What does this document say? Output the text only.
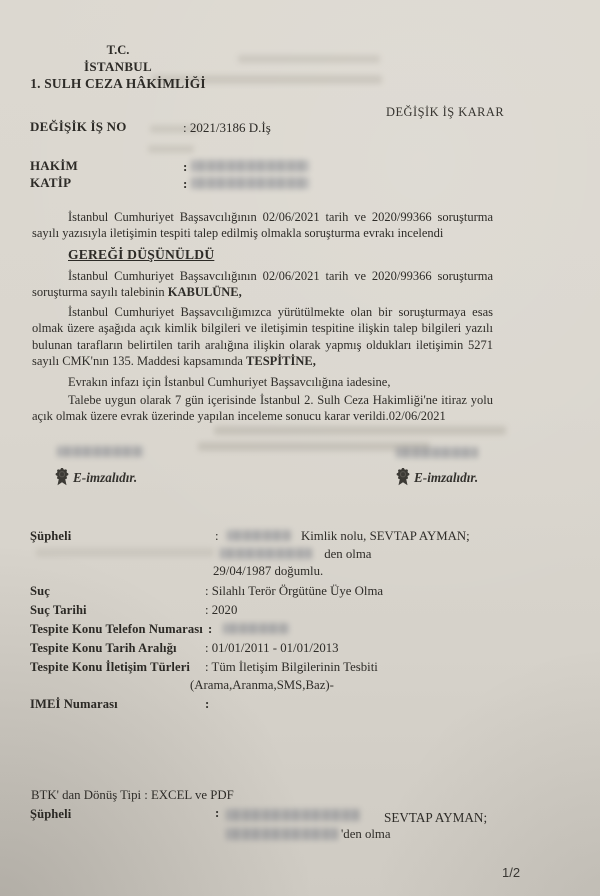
T.C.
İSTANBUL
1. SULH CEZA HÂKİMLİĞİ
DEĞİŞİK İŞ KARAR
DEĞİŞİK İŞ NO	: 2021/3186 D.İş
HAKİM	:
KATİP	:
İstanbul Cumhuriyet Başsavcılığının 02/06/2021 tarih ve 2020/99366 soruşturma
sayılı yazısıyla iletişimin tespiti talep edilmiş olmakla soruşturma evrakı incelendi
GEREĞİ DÜŞÜNÜLDÜ
İstanbul Cumhuriyet Başsavcılığının 02/06/2021 tarih ve 2020/99366 soruşturma
soruşturma sayılı talebinin KABULÜNE,
İstanbul Cumhuriyet Başsavcılığımızca yürütülmekte olan bir soruşturmaya esas
olmak üzere aşağıda açık kimlik bilgileri ve iletişimin tespitine ilişkin talep bilgileri yazılı
bulunan tarafların belirtilen tarih aralığına ilişkin olarak yapmış oldukları iletişimin 5271
sayılı CMK'nın 135. Maddesi kapsamında TESPİTİNE,
Evrakın infazı için İstanbul Cumhuriyet Başsavcılığına iadesine,
Talebe uygun olarak 7 gün içerisinde İstanbul 2. Sulh Ceza Hakimliği'ne itiraz yolu
açık olmak üzere evrak üzerinde yapılan inceleme sonucu karar verildi.02/06/2021
E-imzalıdır.	E-imzalıdır.
Şüpheli	:	Kimlik nolu, SEVTAP AYMAN;
den olma
29/04/1987 doğumlu.
Suç	: Silahlı Terör Örgütüne Üye Olma
Suç Tarihi	: 2020
Tespite Konu Telefon Numarası :
Tespite Konu Tarih Aralığı : 01/01/2011 - 01/01/2013
Tespite Konu İletişim Türleri : Tüm İletişim Bilgilerinin Tesbiti
(Arama,Aranma,SMS,Baz)-
IMEİ Numarası	:
BTK' dan Dönüş Tipi : EXCEL ve PDF
Şüpheli	:	SEVTAP AYMAN;
'den olma
1/2
